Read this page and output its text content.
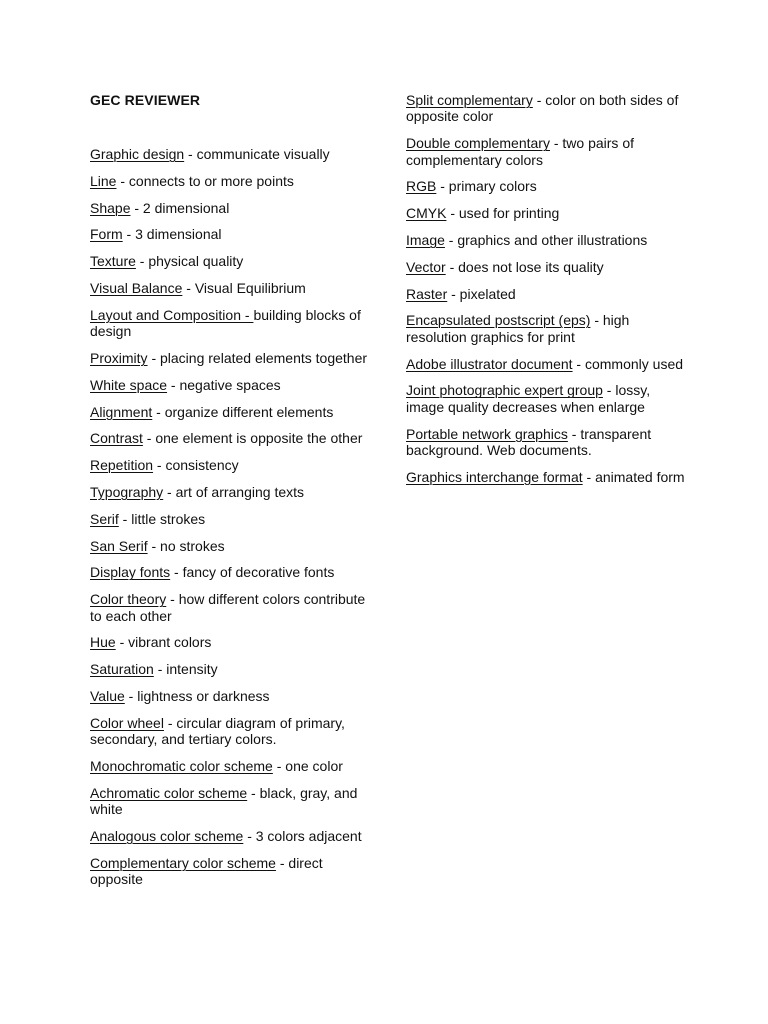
GEC REVIEWER

Graphic design - communicate visually

Line - connects to or more points

Shape - 2 dimensional

Form - 3 dimensional

Texture - physical quality

Visual Balance - Visual Equilibrium

Layout and Composition - building blocks of design

Proximity - placing related elements together

White space - negative spaces

Alignment - organize different elements

Contrast - one element is opposite the other

Repetition - consistency

Typography - art of arranging texts

Serif - little strokes

San Serif - no strokes

Display fonts - fancy of decorative fonts

Color theory - how different colors contribute to each other

Hue - vibrant colors

Saturation - intensity

Value - lightness or darkness

Color wheel - circular diagram of primary, secondary, and tertiary colors.

Monochromatic color scheme - one color

Achromatic color scheme - black, gray, and white

Analogous color scheme - 3 colors adjacent

Complementary color scheme - direct opposite

Split complementary - color on both sides of opposite color

Double complementary - two pairs of complementary colors

RGB - primary colors

CMYK - used for printing

Image - graphics and other illustrations

Vector - does not lose its quality

Raster - pixelated

Encapsulated postscript (eps) - high resolution graphics for print

Adobe illustrator document - commonly used

Joint photographic expert group - lossy, image quality decreases when enlarge

Portable network graphics - transparent background. Web documents.

Graphics interchange format - animated form
